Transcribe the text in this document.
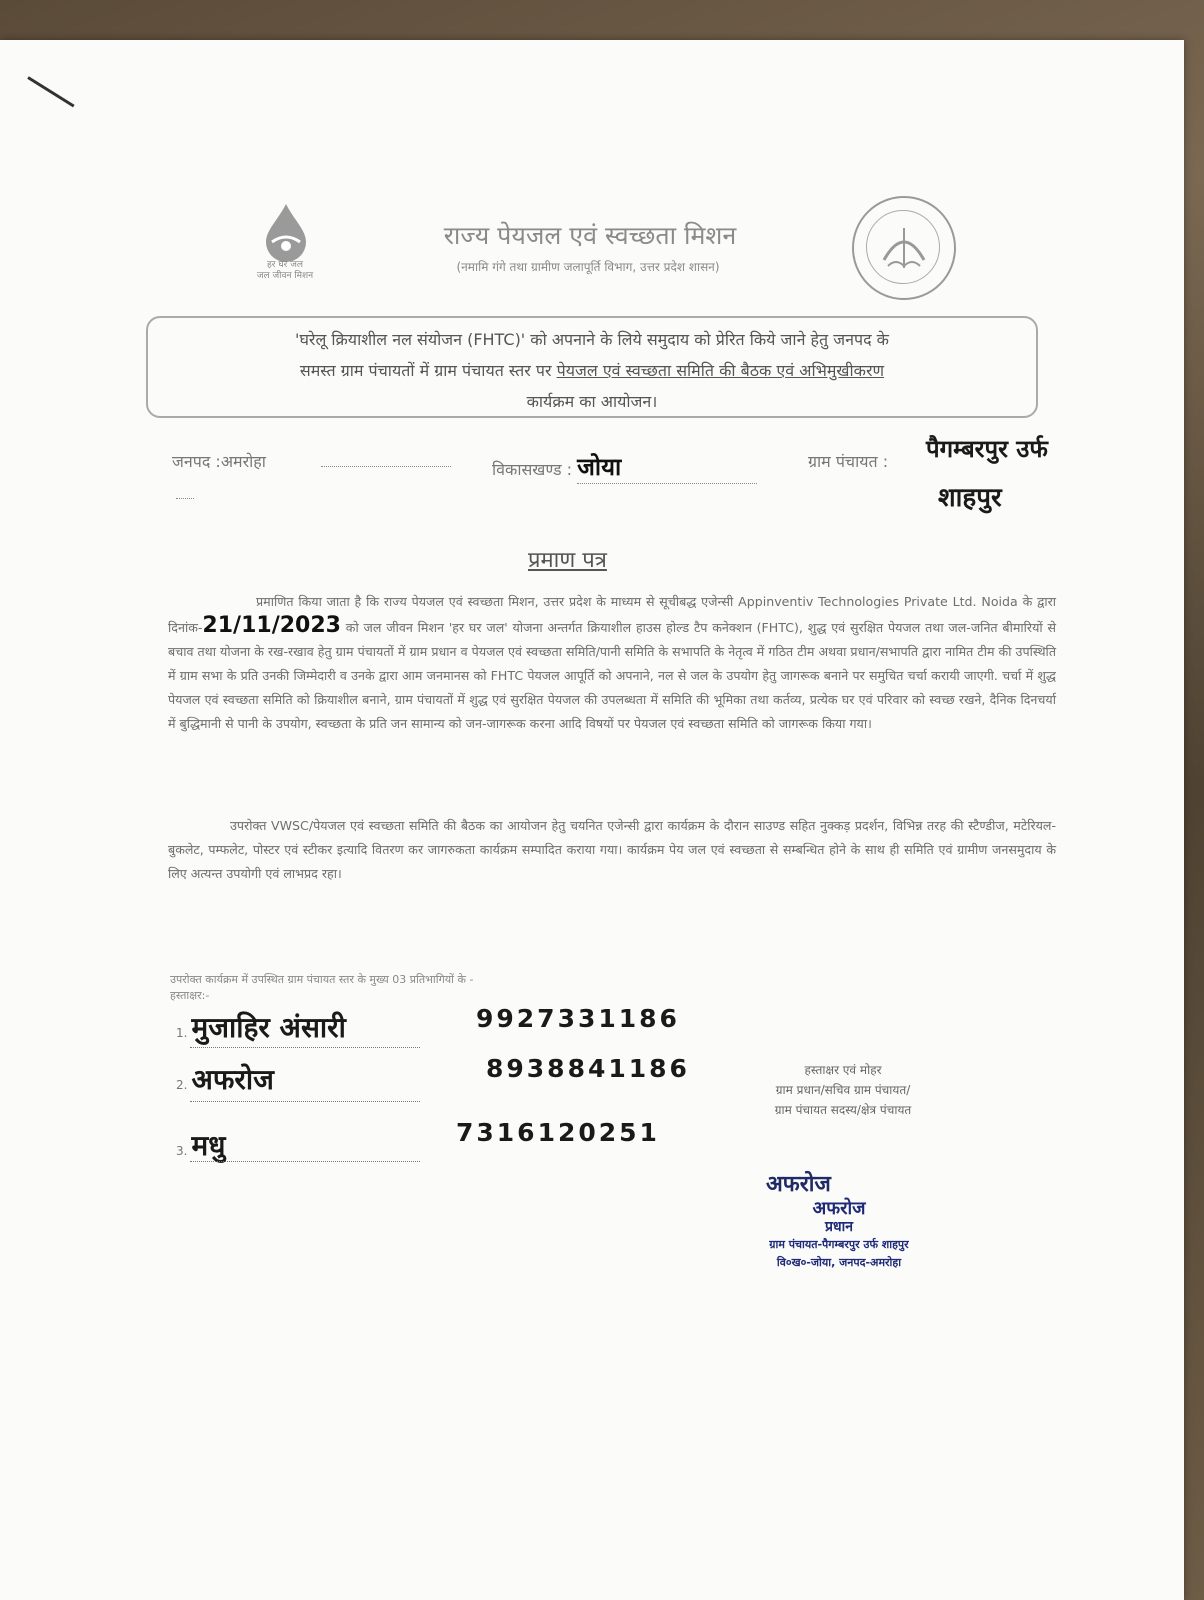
हर घर जल
जल जीवन मिशन
राज्य पेयजल एवं स्वच्छता मिशन
(नमामि गंगे तथा ग्रामीण जलापूर्ति विभाग, उत्तर प्रदेश शासन)
'घरेलू क्रियाशील नल संयोजन (FHTC)' को अपनाने के लिये समुदाय को प्रेरित किये जाने हेतु जनपद के
समस्त ग्राम पंचायतों में ग्राम पंचायत स्तर पर पेयजल एवं स्वच्छता समिति की बैठक एवं अभिमुखीकरण
कार्यक्रम का आयोजन।
जनपद :अमरोहा	विकासखण्ड : जोया	ग्राम पंचायत : पैगम्बरपुर उर्फ
शाहपुर
प्रमाण पत्र
प्रमाणित किया जाता है कि राज्य पेयजल एवं स्वच्छता मिशन, उत्तर प्रदेश के माध्यम से सूचीबद्ध एजेन्सी Appinventiv Technologies Private Ltd. Noida के द्वारा दिनांक-21/11/2023 को जल जीवन मिशन 'हर घर जल' योजना अन्तर्गत क्रियाशील हाउस होल्ड टैप कनेक्शन (FHTC), शुद्ध एवं सुरक्षित पेयजल तथा जल-जनित बीमारियों से बचाव तथा योजना के रख-रखाव हेतु ग्राम पंचायतों में ग्राम प्रधान व पेयजल एवं स्वच्छता समिति/पानी समिति के सभापति के नेतृत्व में गठित टीम अथवा प्रधान/सभापति द्वारा नामित टीम की उपस्थिति में ग्राम सभा के प्रति उनकी जिम्मेदारी व उनके द्वारा आम जनमानस को FHTC पेयजल आपूर्ति को अपनाने, नल से जल के उपयोग हेतु जागरूक बनाने पर समुचित चर्चा करायी जाएगी. चर्चा में शुद्ध पेयजल एवं स्वच्छता समिति को क्रियाशील बनाने, ग्राम पंचायतों में शुद्ध एवं सुरक्षित पेयजल की उपलब्धता में समिति की भूमिका तथा कर्तव्य, प्रत्येक घर एवं परिवार को स्वच्छ रखने, दैनिक दिनचर्या में बुद्धिमानी से पानी के उपयोग, स्वच्छता के प्रति जन सामान्य को जन-जागरूक करना आदि विषयों पर पेयजल एवं स्वच्छता समिति को जागरूक किया गया।
उपरोक्त VWSC/पेयजल एवं स्वच्छता समिति की बैठक का आयोजन हेतु चयनित एजेन्सी द्वारा कार्यक्रम के दौरान साउण्ड सहित नुक्कड़ प्रदर्शन, विभिन्न तरह की स्टैण्डीज, मटेरियल-बुकलेट, पम्फलेट, पोस्टर एवं स्टीकर इत्यादि वितरण कर जागरुकता कार्यक्रम सम्पादित कराया गया। कार्यक्रम पेय जल एवं स्वच्छता से सम्बन्धित होने के साथ ही समिति एवं ग्रामीण जनसमुदाय के लिए अत्यन्त उपयोगी एवं लाभप्रद रहा।
उपरोक्त कार्यक्रम में उपस्थित ग्राम पंचायत स्तर के मुख्य 03 प्रतिभागियों के -
हस्ताक्षर:-
1. मुजाहिर अंसारी	9927331186
2. अफरोज	8938841186
3. मधु	7316120251
हस्ताक्षर एवं मोहर
ग्राम प्रधान/सचिव ग्राम पंचायत/
ग्राम पंचायत सदस्य/क्षेत्र पंचायत
अफरोज
अफरोज
प्रधान
ग्राम पंचायत-पैगम्बरपुर उर्फ शाहपुर
वि०ख०-जोया, जनपद-अमरोहा
